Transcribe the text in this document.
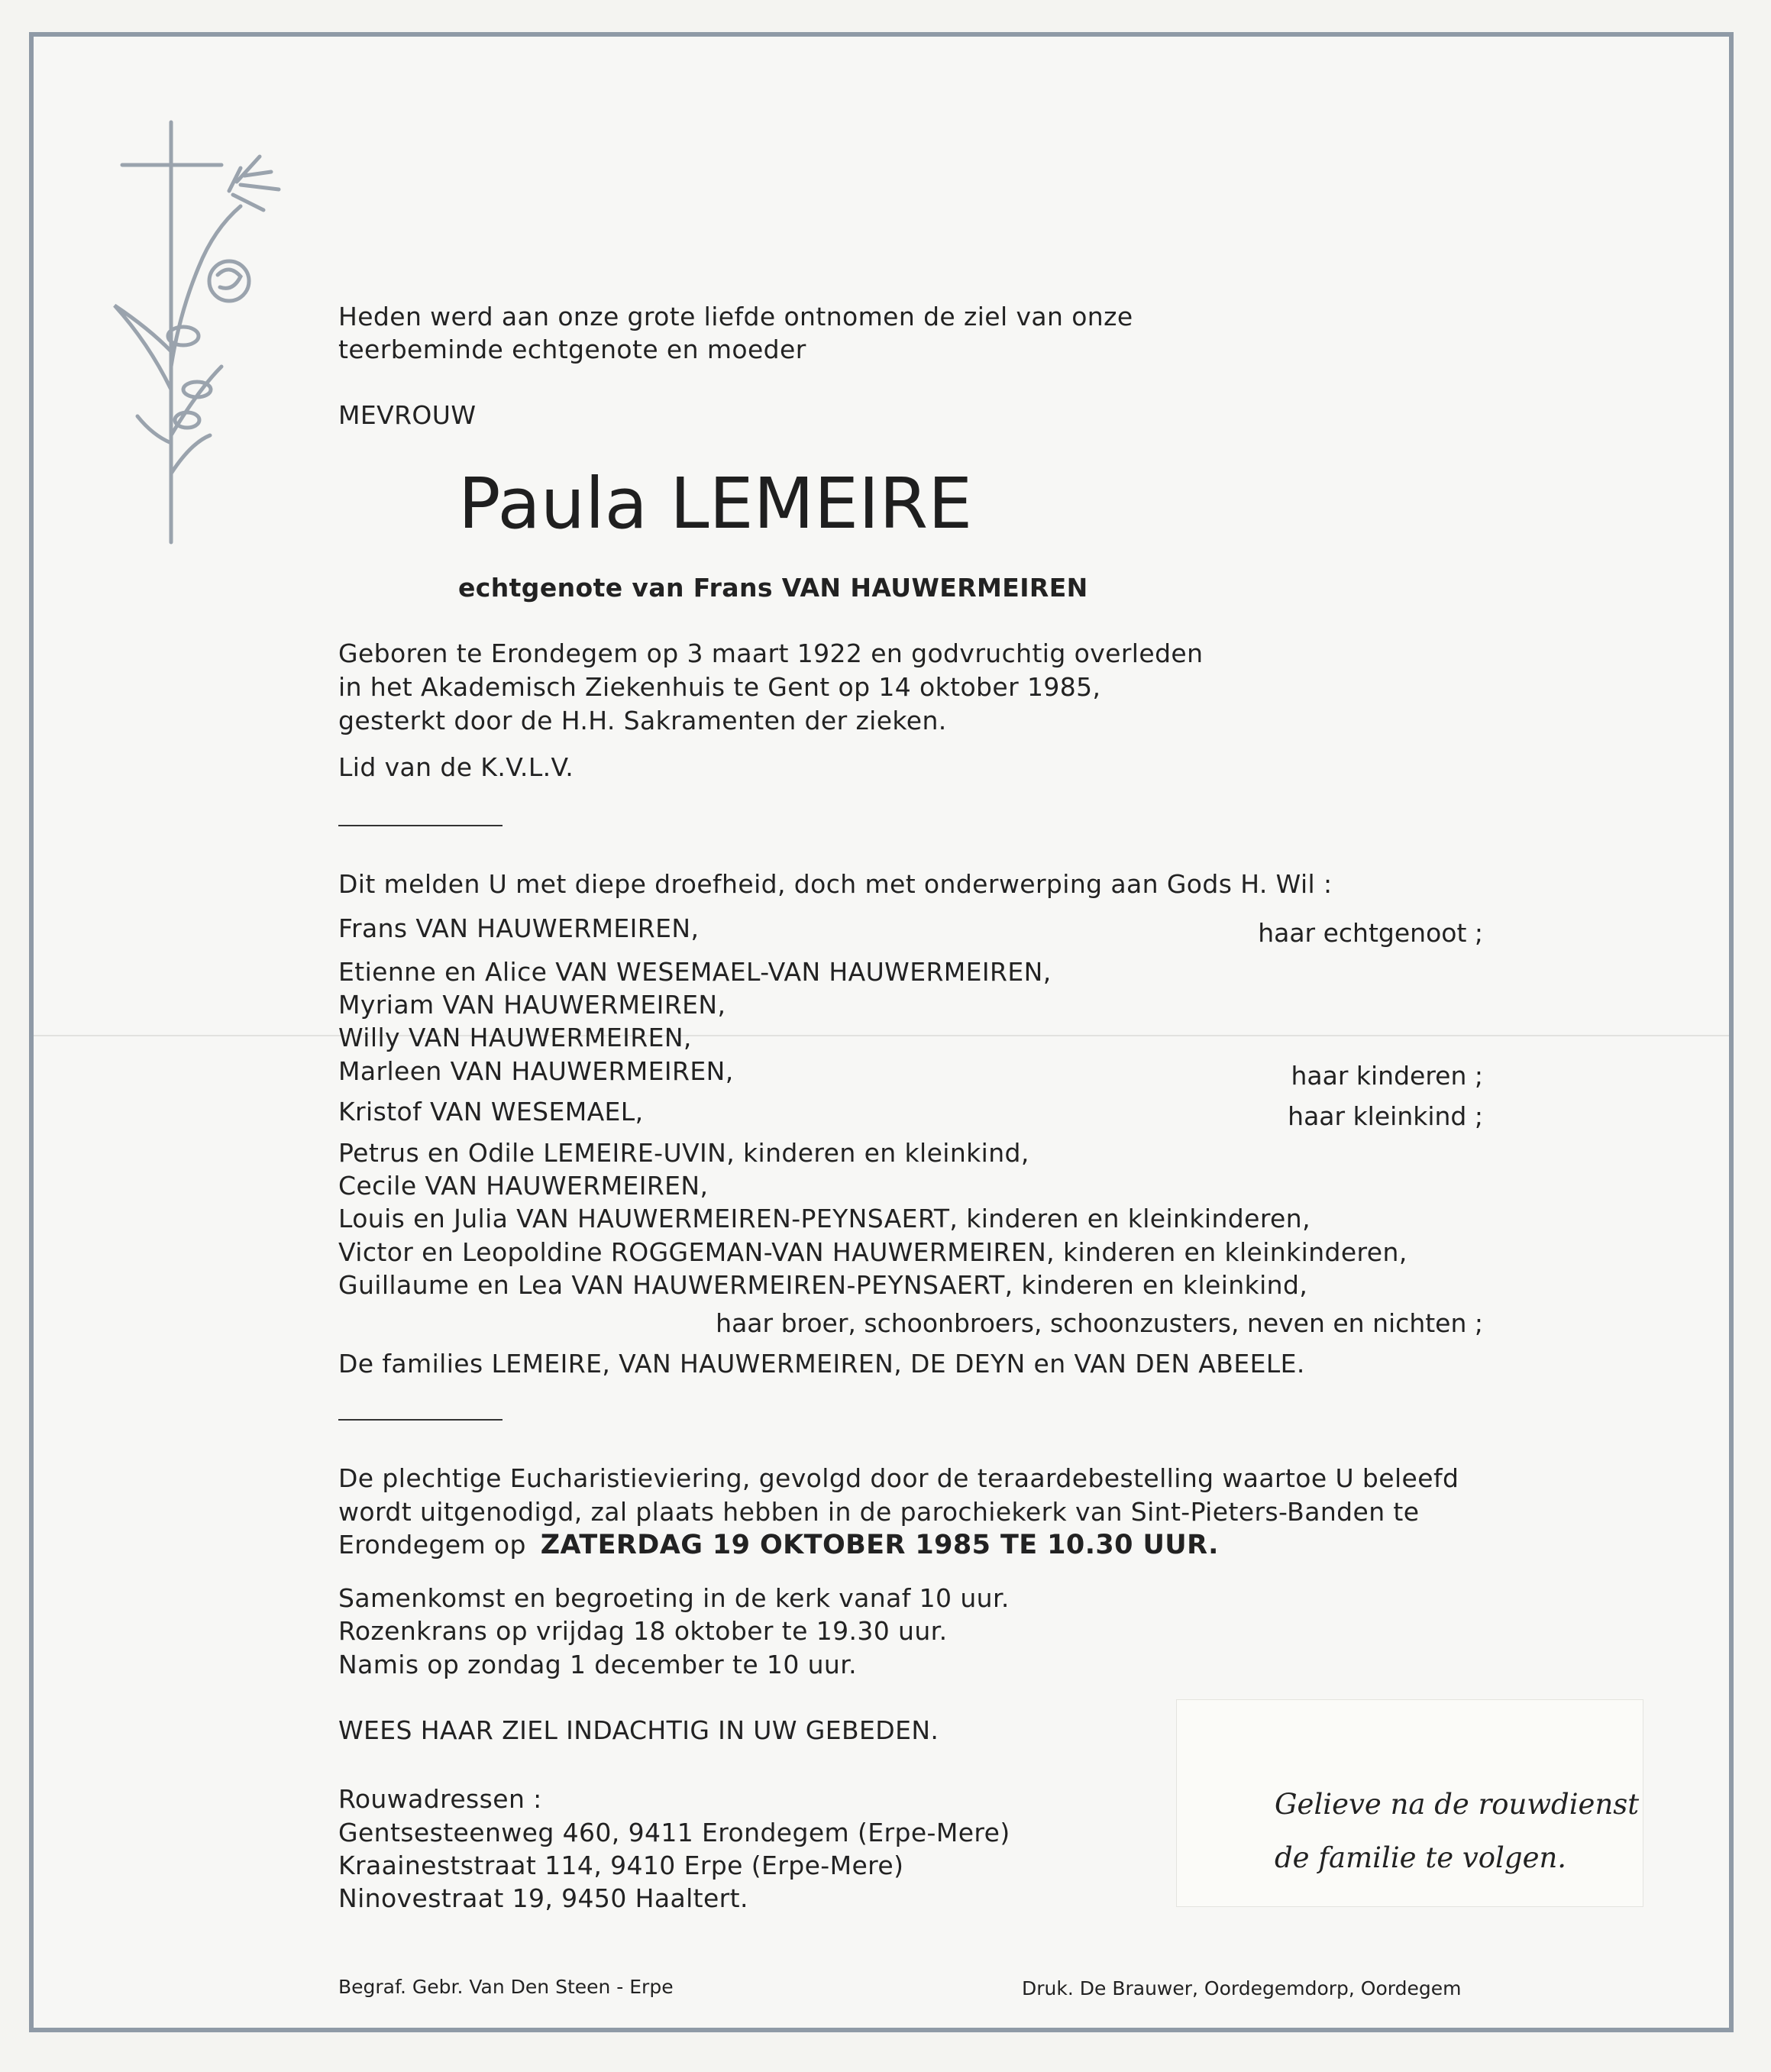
Heden werd aan onze grote liefde ontnomen de ziel van onze
teerbeminde echtgenote en moeder
MEVROUW
Paula LEMEIRE
echtgenote van Frans VAN HAUWERMEIREN
Geboren te Erondegem op 3 maart 1922 en godvruchtig overleden
in het Akademisch Ziekenhuis te Gent op 14 oktober 1985,
gesterkt door de H.H. Sakramenten der zieken.
Lid van de K.V.L.V.
Dit melden U met diepe droefheid, doch met onderwerping aan Gods H. Wil :
Frans VAN HAUWERMEIREN,	haar echtgenoot ;
Etienne en Alice VAN WESEMAEL-VAN HAUWERMEIREN,
Myriam VAN HAUWERMEIREN,
Willy VAN HAUWERMEIREN,
Marleen VAN HAUWERMEIREN,	haar kinderen ;
Kristof VAN WESEMAEL,	haar kleinkind ;
Petrus en Odile LEMEIRE-UVIN, kinderen en kleinkind,
Cecile VAN HAUWERMEIREN,
Louis en Julia VAN HAUWERMEIREN-PEYNSAERT, kinderen en kleinkinderen,
Victor en Leopoldine ROGGEMAN-VAN HAUWERMEIREN, kinderen en kleinkinderen,
Guillaume en Lea VAN HAUWERMEIREN-PEYNSAERT, kinderen en kleinkind,
haar broer, schoonbroers, schoonzusters, neven en nichten ;
De families LEMEIRE, VAN HAUWERMEIREN, DE DEYN en VAN DEN ABEELE.
De plechtige Eucharistieviering, gevolgd door de teraardebestelling waartoe U beleefd
wordt uitgenodigd, zal plaats hebben in de parochiekerk van Sint-Pieters-Banden te
Erondegem op ZATERDAG 19 OKTOBER 1985 TE 10.30 UUR.
Samenkomst en begroeting in de kerk vanaf 10 uur.
Rozenkrans op vrijdag 18 oktober te 19.30 uur.
Namis op zondag 1 december te 10 uur.
WEES HAAR ZIEL INDACHTIG IN UW GEBEDEN.
Rouwadressen :
Gentsesteenweg 460, 9411 Erondegem (Erpe-Mere)
Kraaineststraat 114, 9410 Erpe (Erpe-Mere)
Ninovestraat 19, 9450 Haaltert.
Gelieve na de rouwdienst
de familie te volgen.
Begraf. Gebr. Van Den Steen - Erpe	Druk. De Brauwer, Oordegemdorp, Oordegem
